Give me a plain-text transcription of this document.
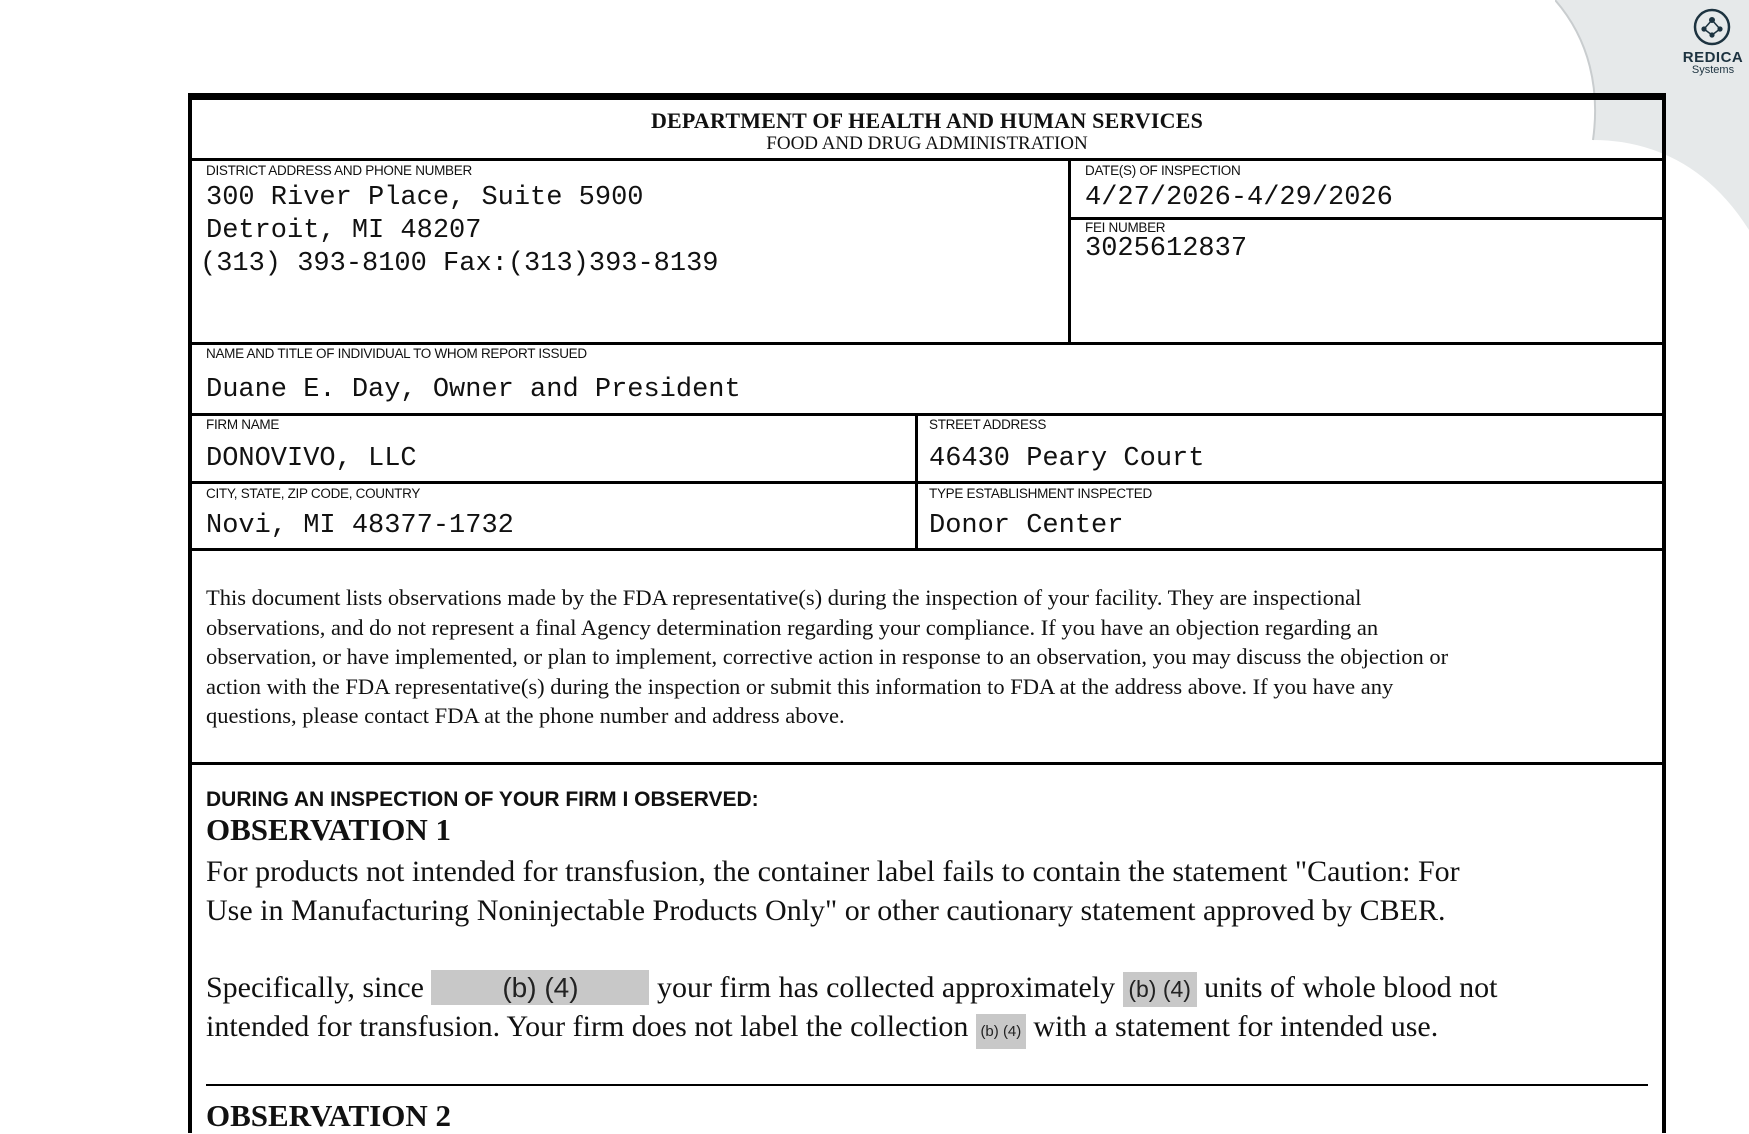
REDICA
Systems
DEPARTMENT OF HEALTH AND HUMAN SERVICES
FOOD AND DRUG ADMINISTRATION
DISTRICT ADDRESS AND PHONE NUMBER
300 River Place, Suite 5900
Detroit, MI 48207
(313) 393-8100 Fax:(313)393-8139
DATE(S) OF INSPECTION
4/27/2026-4/29/2026
FEI NUMBER
3025612837
NAME AND TITLE OF INDIVIDUAL TO WHOM REPORT ISSUED
Duane E. Day, Owner and President
FIRM NAME
DONOVIVO, LLC
STREET ADDRESS
46430 Peary Court
CITY, STATE, ZIP CODE, COUNTRY
Novi, MI 48377-1732
TYPE ESTABLISHMENT INSPECTED
Donor Center
This document lists observations made by the FDA representative(s) during the inspection of your facility. They are inspectional
observations, and do not represent a final Agency determination regarding your compliance. If you have an objection regarding an
observation, or have implemented, or plan to implement, corrective action in response to an observation, you may discuss the objection or
action with the FDA representative(s) during the inspection or submit this information to FDA at the address above. If you have any
questions, please contact FDA at the phone number and address above.
DURING AN INSPECTION OF YOUR FIRM I OBSERVED:
OBSERVATION 1
For products not intended for transfusion, the container label fails to contain the statement "Caution: For
Use in Manufacturing Noninjectable Products Only" or other cautionary statement approved by CBER.
Specifically, since	(b) (4)	your firm has collected approximately (b) (4) units of whole blood not
intended for transfusion. Your firm does not label the collection (b) (4) with a statement for intended use.
OBSERVATION 2
